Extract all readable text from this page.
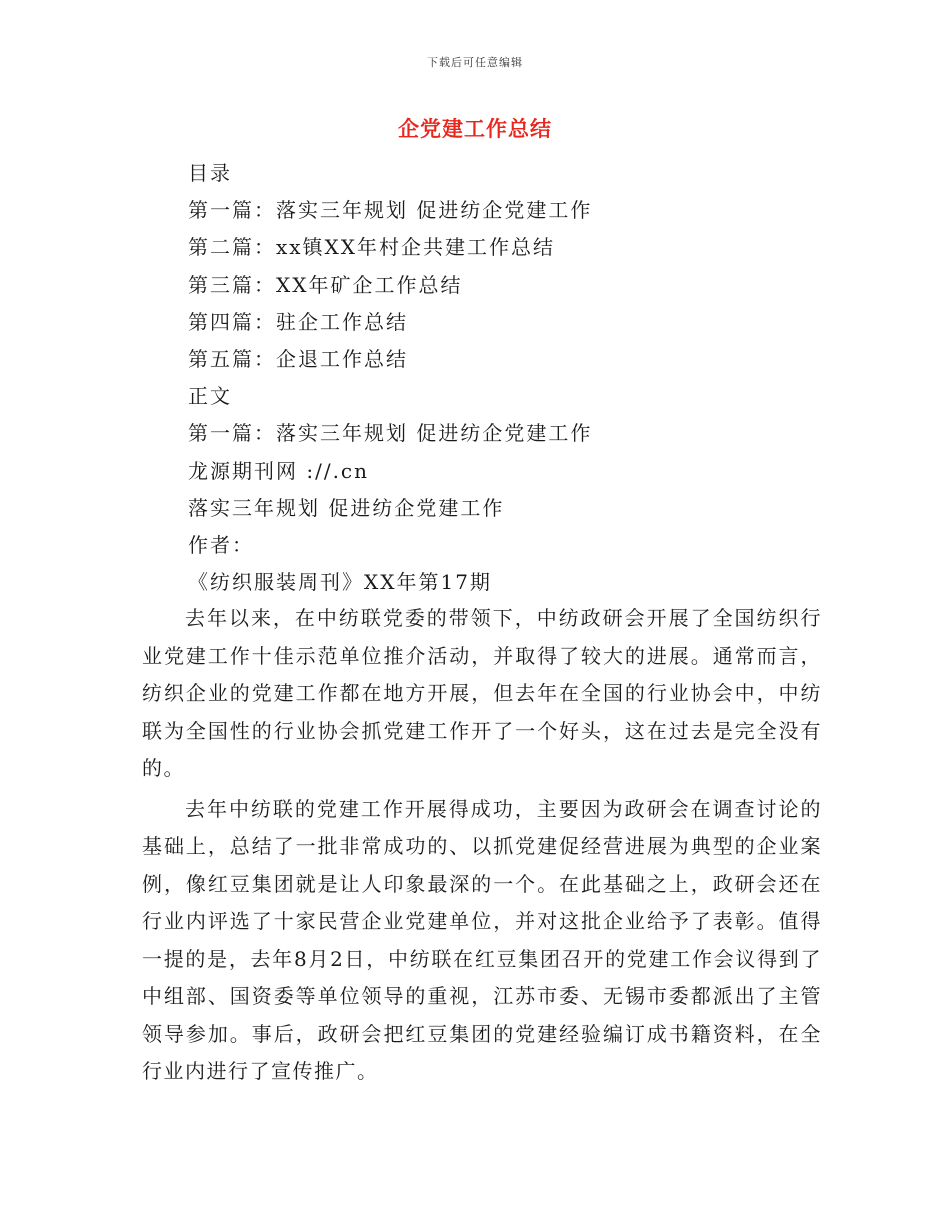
下载后可任意编辑
企党建工作总结
目录
第一篇：落实三年规划 促进纺企党建工作
第二篇：xx镇XX年村企共建工作总结
第三篇：XX年矿企工作总结
第四篇：驻企工作总结
第五篇：企退工作总结
正文
第一篇：落实三年规划 促进纺企党建工作
龙源期刊网 ://.cn
落实三年规划 促进纺企党建工作
作者：
《纺织服装周刊》XX年第17期

去年以来，在中纺联党委的带领下，中纺政研会开展了全国纺织行业党建工作十佳示范单位推介活动，并取得了较大的进展。通常而言，纺织企业的党建工作都在地方开展，但去年在全国的行业协会中，中纺联为全国性的行业协会抓党建工作开了一个好头，这在过去是完全没有的。

去年中纺联的党建工作开展得成功，主要因为政研会在调查讨论的基础上，总结了一批非常成功的、以抓党建促经营进展为典型的企业案例，像红豆集团就是让人印象最深的一个。在此基础之上，政研会还在行业内评选了十家民营企业党建单位，并对这批企业给予了表彰。值得一提的是，去年8月2日，中纺联在红豆集团召开的党建工作会议得到了中组部、国资委等单位领导的重视，江苏市委、无锡市委都派出了主管领导参加。事后，政研会把红豆集团的党建经验编订成书籍资料，在全行业内进行了宣传推广。
